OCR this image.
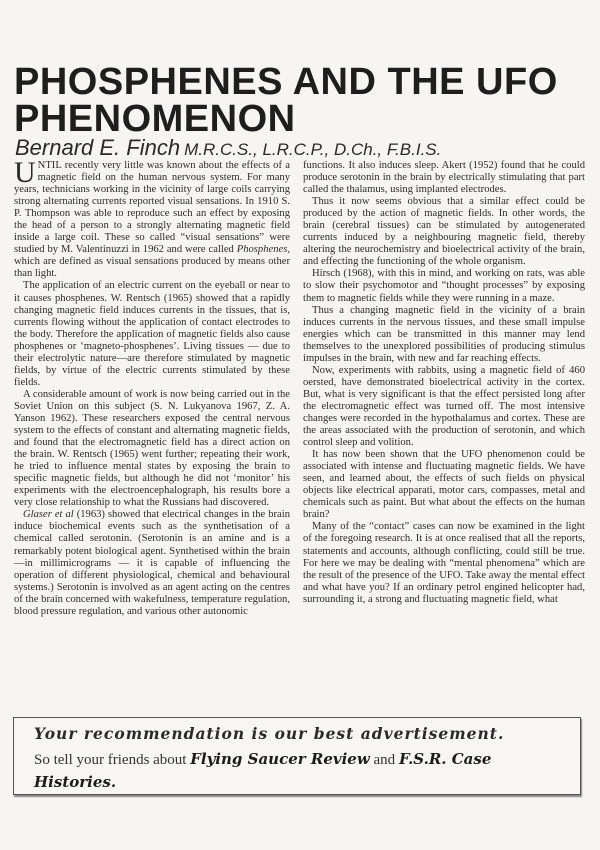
PHOSPHENES AND THE UFO PHENOMENON
Bernard E. Finch M.R.C.S., L.R.C.P., D.Ch., F.B.I.S.

UNTIL recently very little was known about the effects of a magnetic field on the human nervous system. For many years, technicians working in the vicinity of large coils carrying strong alternating currents reported visual sensations. In 1910 S. P. Thompson was able to reproduce such an effect by exposing the head of a person to a strongly alternating magnetic field inside a large coil. These so called “visual sensations” were studied by M. Valentinuzzi in 1962 and were called Phosphenes, which are defined as visual sensations produced by means other than light.

The application of an electric current on the eyeball or near to it causes phosphenes. W. Rentsch (1965) showed that a rapidly changing magnetic field induces currents in the tissues, that is, currents flowing without the application of contact electrodes to the body. Therefore the application of magnetic fields also cause phosphenes or ‘magneto-phosphenes’. Living tissues — due to their electrolytic nature—are therefore stimulated by magnetic fields, by virtue of the electric currents stimulated by these fields.

A considerable amount of work is now being carried out in the Soviet Union on this subject (S. N. Lukyanova 1967, Z. A. Yanson 1962). These researchers exposed the central nervous system to the effects of constant and alternating magnetic fields, and found that the electromagnetic field has a direct action on the brain. W. Rentsch (1965) went further; repeating their work, he tried to influence mental states by exposing the brain to specific magnetic fields, but although he did not ‘monitor’ his experiments with the electroencephalograph, his results bore a very close relationship to what the Russians had discovered.

Glaser et al (1963) showed that electrical changes in the brain induce biochemical events such as the synthetisation of a chemical called serotonin. (Serotonin is an amine and is a remarkably potent biological agent. Synthetised within the brain—in millimicrograms — it is capable of influencing the operation of different physiological, chemical and behavioural systems.) Serotonin is involved as an agent acting on the centres of the brain concerned with wakefulness, temperature regulation, blood pressure regulation, and various other autonomic

functions. It also induces sleep. Akert (1952) found that he could produce serotonin in the brain by electrically stimulating that part called the thalamus, using implanted electrodes.

Thus it now seems obvious that a similar effect could be produced by the action of magnetic fields. In other words, the brain (cerebral tissues) can be stimulated by autogenerated currents induced by a neighbouring magnetic field, thereby altering the neurochemistry and bioelectrical activity of the brain, and effecting the functioning of the whole organism.

Hirsch (1968), with this in mind, and working on rats, was able to slow their psychomotor and “thought processes” by exposing them to magnetic fields while they were running in a maze.

Thus a changing magnetic field in the vicinity of a brain induces currents in the nervous tissues, and these small impulse energies which can be transmitted in this manner may lend themselves to the unexplored possibilities of producing stimulus impulses in the brain, with new and far reaching effects.

Now, experiments with rabbits, using a magnetic field of 460 oersted, have demonstrated bioelectrical activity in the cortex. But, what is very significant is that the effect persisted long after the electromagnetic effect was turned off. The most intensive changes were recorded in the hypothalamus and cortex. These are the areas associated with the production of serotonin, and which control sleep and volition.

It has now been shown that the UFO phenomenon could be associated with intense and fluctuating magnetic fields. We have seen, and learned about, the effects of such fields on physical objects like electrical apparati, motor cars, compasses, metal and chemicals such as paint. But what about the effects on the human brain?

Many of the “contact” cases can now be examined in the light of the foregoing research. It is at once realised that all the reports, statements and accounts, although conflicting, could still be true. For here we may be dealing with “mental phenomena” which are the result of the presence of the UFO. Take away the mental effect and what have you? If an ordinary petrol engined helicopter had, surrounding it, a strong and fluctuating magnetic field, what

Your recommendation is our best advertisement.
So tell your friends about Flying Saucer Review and F.S.R. Case Histories.
